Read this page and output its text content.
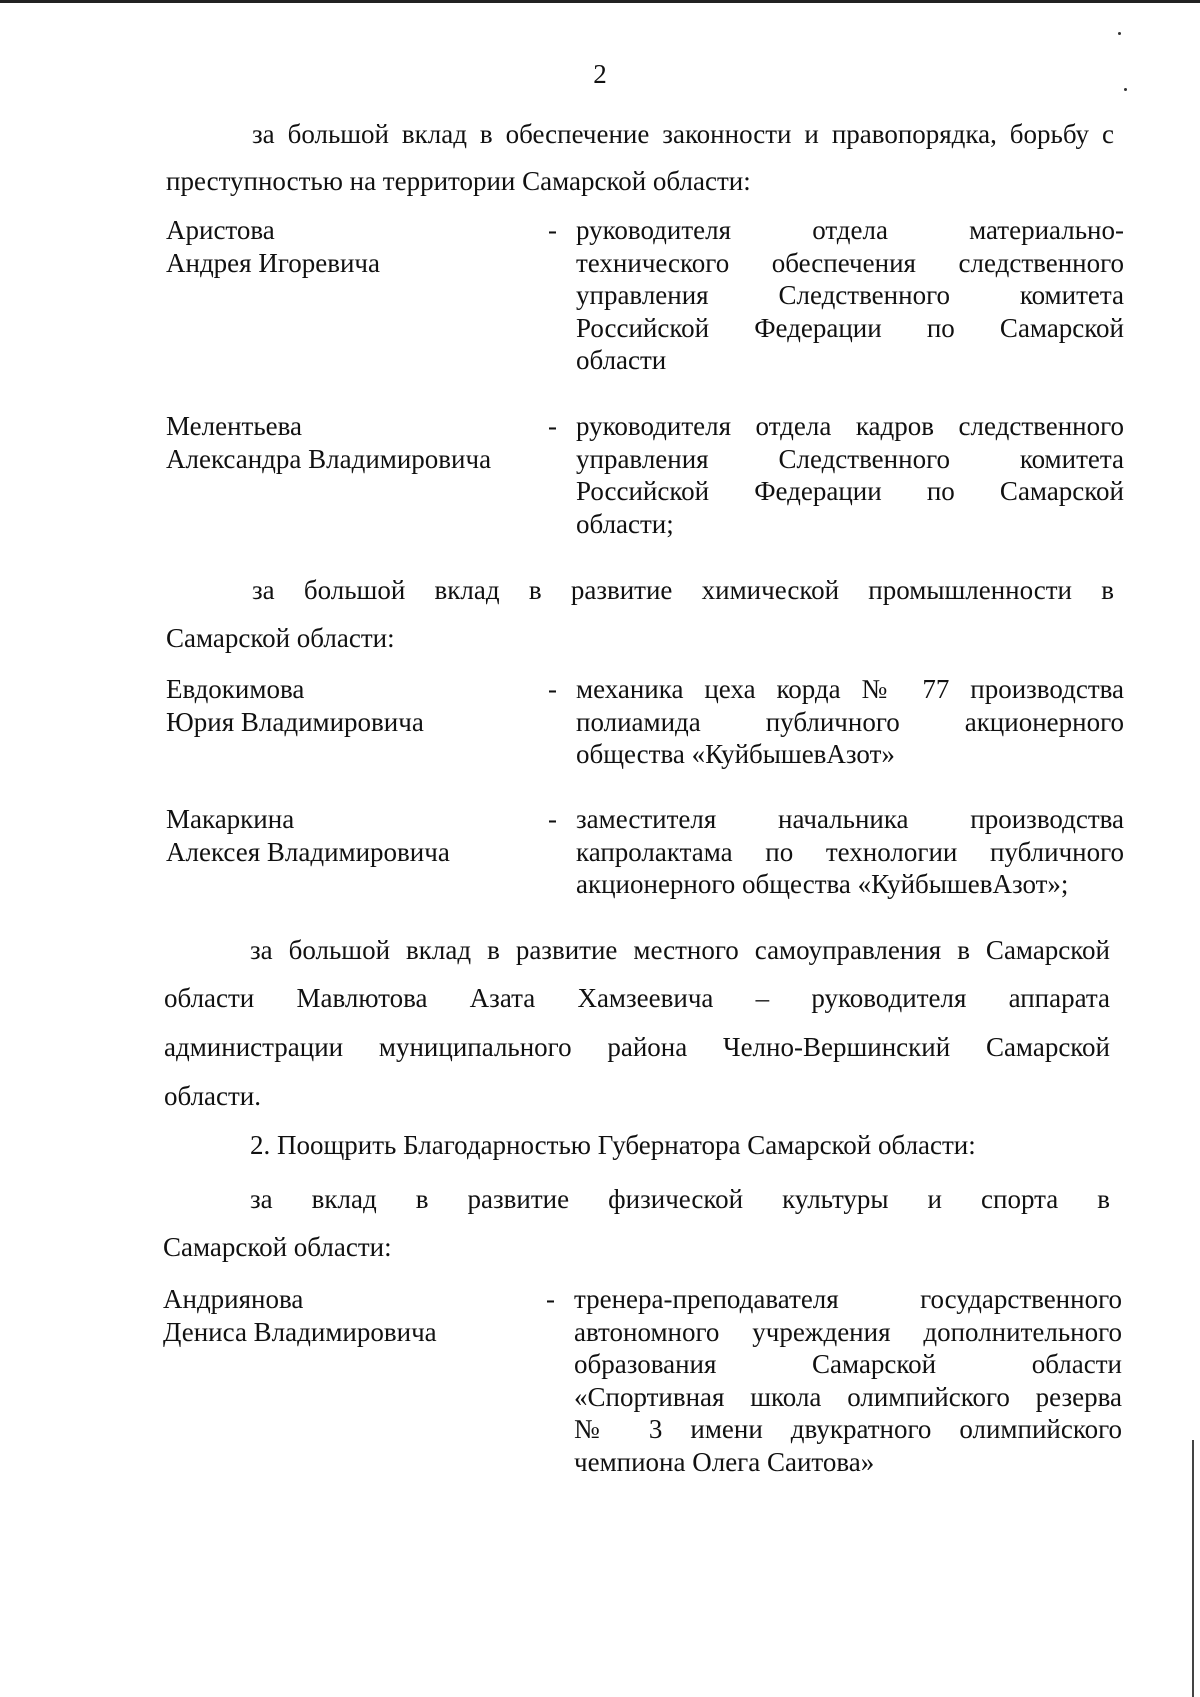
2
за большой вклад в обеспечение законности и правопорядка, борьбу с
преступностью на территории Самарской области:
Аристова
Андрея Игоревича
- руководителя отдела материально-
технического обеспечения следственного
управления Следственного комитета
Российской Федерации по Самарской
области
Мелентьева
Александра Владимировича
- руководителя отдела кадров следственного
управления Следственного комитета
Российской Федерации по Самарской
области;
за большой вклад в развитие химической промышленности в
Самарской области:
Евдокимова
Юрия Владимировича
- механика цеха корда № 77 производства
полиамида публичного акционерного
общества «КуйбышевАзот»
Макаркина
Алексея Владимировича
- заместителя начальника производства
капролактама по технологии публичного
акционерного общества «КуйбышевАзот»;
за большой вклад в развитие местного самоуправления в Самарской
области Мавлютова Азата Хамзеевича – руководителя аппарата
администрации муниципального района Челно-Вершинский Самарской
области.
2. Поощрить Благодарностью Губернатора Самарской области:
за вклад в развитие физической культуры и спорта в
Самарской области:
Андриянова
Дениса Владимировича
- тренера-преподавателя государственного
автономного учреждения дополнительного
образования Самарской области
«Спортивная школа олимпийского резерва
№ 3 имени двукратного олимпийского
чемпиона Олега Саитова»
